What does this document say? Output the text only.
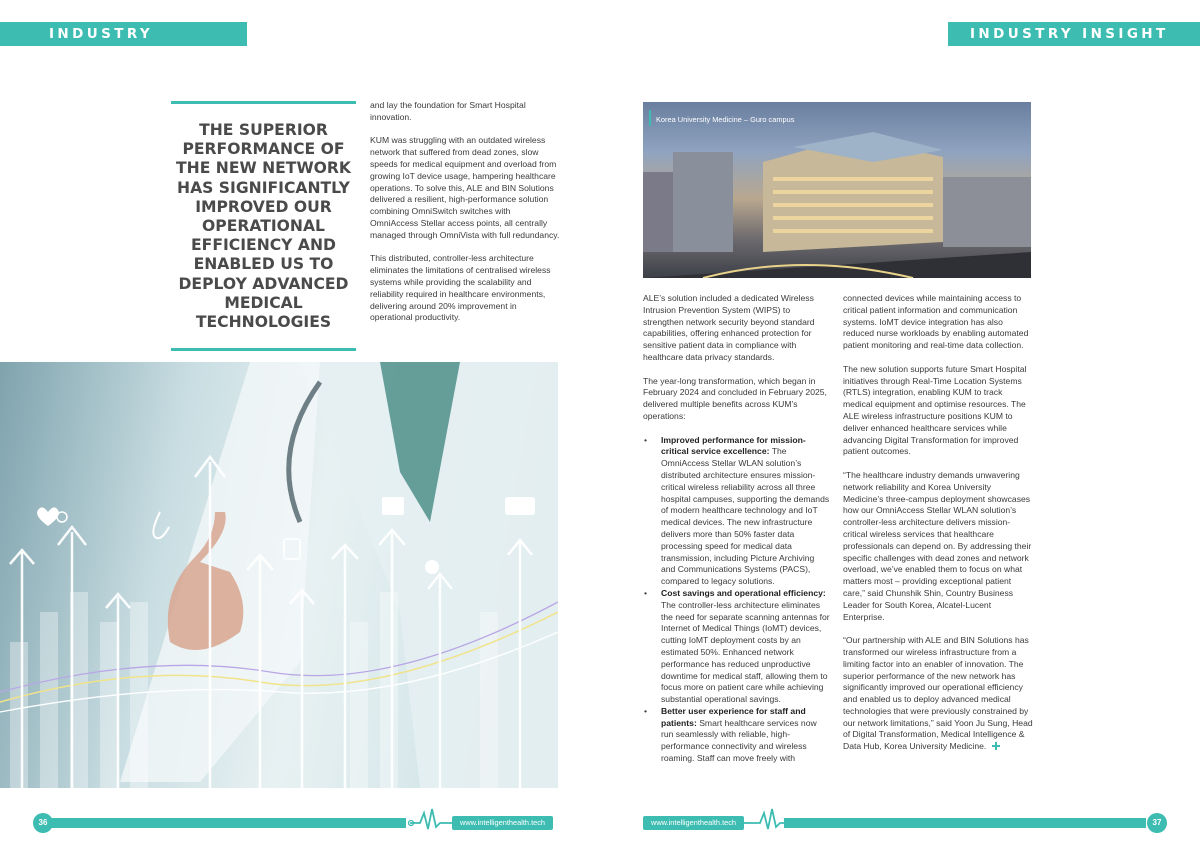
INDUSTRY INSIGHT
INDUSTRY INSIGHT
THE SUPERIOR PERFORMANCE OF THE NEW NETWORK HAS SIGNIFICANTLY IMPROVED OUR OPERATIONAL EFFICIENCY AND ENABLED US TO DEPLOY ADVANCED MEDICAL TECHNOLOGIES

and lay the foundation for Smart Hospital innovation.

KUM was struggling with an outdated wireless network that suffered from dead zones, slow speeds for medical equipment and overload from growing IoT device usage, hampering healthcare operations. To solve this, ALE and BIN Solutions delivered a resilient, high-performance solution combining OmniSwitch switches with OmniAccess Stellar access points, all centrally managed through OmniVista with full redundancy.

This distributed, controller-less architecture eliminates the limitations of centralised wireless systems while providing the scalability and reliability required in healthcare environments, delivering around 20% improvement in operational productivity.

Korea University Medicine – Guro campus

ALE’s solution included a dedicated Wireless Intrusion Prevention System (WIPS) to strengthen network security beyond standard capabilities, offering enhanced protection for sensitive patient data in compliance with healthcare data privacy standards.

The year-long transformation, which began in February 2024 and concluded in February 2025, delivered multiple benefits across KUM’s operations:

• Improved performance for mission-critical service excellence: The OmniAccess Stellar WLAN solution’s distributed architecture ensures mission-critical wireless reliability across all three hospital campuses, supporting the demands of modern healthcare technology and IoT medical devices. The new infrastructure delivers more than 50% faster data processing speed for medical data transmission, including Picture Archiving and Communications Systems (PACS), compared to legacy solutions.
• Cost savings and operational efficiency: The controller-less architecture eliminates the need for separate scanning antennas for Internet of Medical Things (IoMT) devices, cutting IoMT deployment costs by an estimated 50%. Enhanced network performance has reduced unproductive downtime for medical staff, allowing them to focus more on patient care while achieving substantial operational savings.
• Better user experience for staff and patients: Smart healthcare services now run seamlessly with reliable, high-performance connectivity and wireless roaming. Staff can move freely with

connected devices while maintaining access to critical patient information and communication systems. IoMT device integration has also reduced nurse workloads by enabling automated patient monitoring and real-time data collection.

The new solution supports future Smart Hospital initiatives through Real-Time Location Systems (RTLS) integration, enabling KUM to track medical equipment and optimise resources. The ALE wireless infrastructure positions KUM to deliver enhanced healthcare services while advancing Digital Transformation for improved patient outcomes.

“The healthcare industry demands unwavering network reliability and Korea University Medicine’s three-campus deployment showcases how our OmniAccess Stellar WLAN solution’s controller-less architecture delivers mission-critical wireless services that healthcare professionals can depend on. By addressing their specific challenges with dead zones and network overload, we’ve enabled them to focus on what matters most – providing exceptional patient care,” said Chunshik Shin, Country Business Leader for South Korea, Alcatel-Lucent Enterprise.

“Our partnership with ALE and BIN Solutions has transformed our wireless infrastructure from a limiting factor into an enabler of innovation. The superior performance of the new network has significantly improved our operational efficiency and enabled us to deploy advanced medical technologies that were previously constrained by our network limitations,” said Yoon Ju Sung, Head of Digital Transformation, Medical Intelligence & Data Hub, Korea University Medicine.

36	www.intelligenthealth.tech	www.intelligenthealth.tech	37
